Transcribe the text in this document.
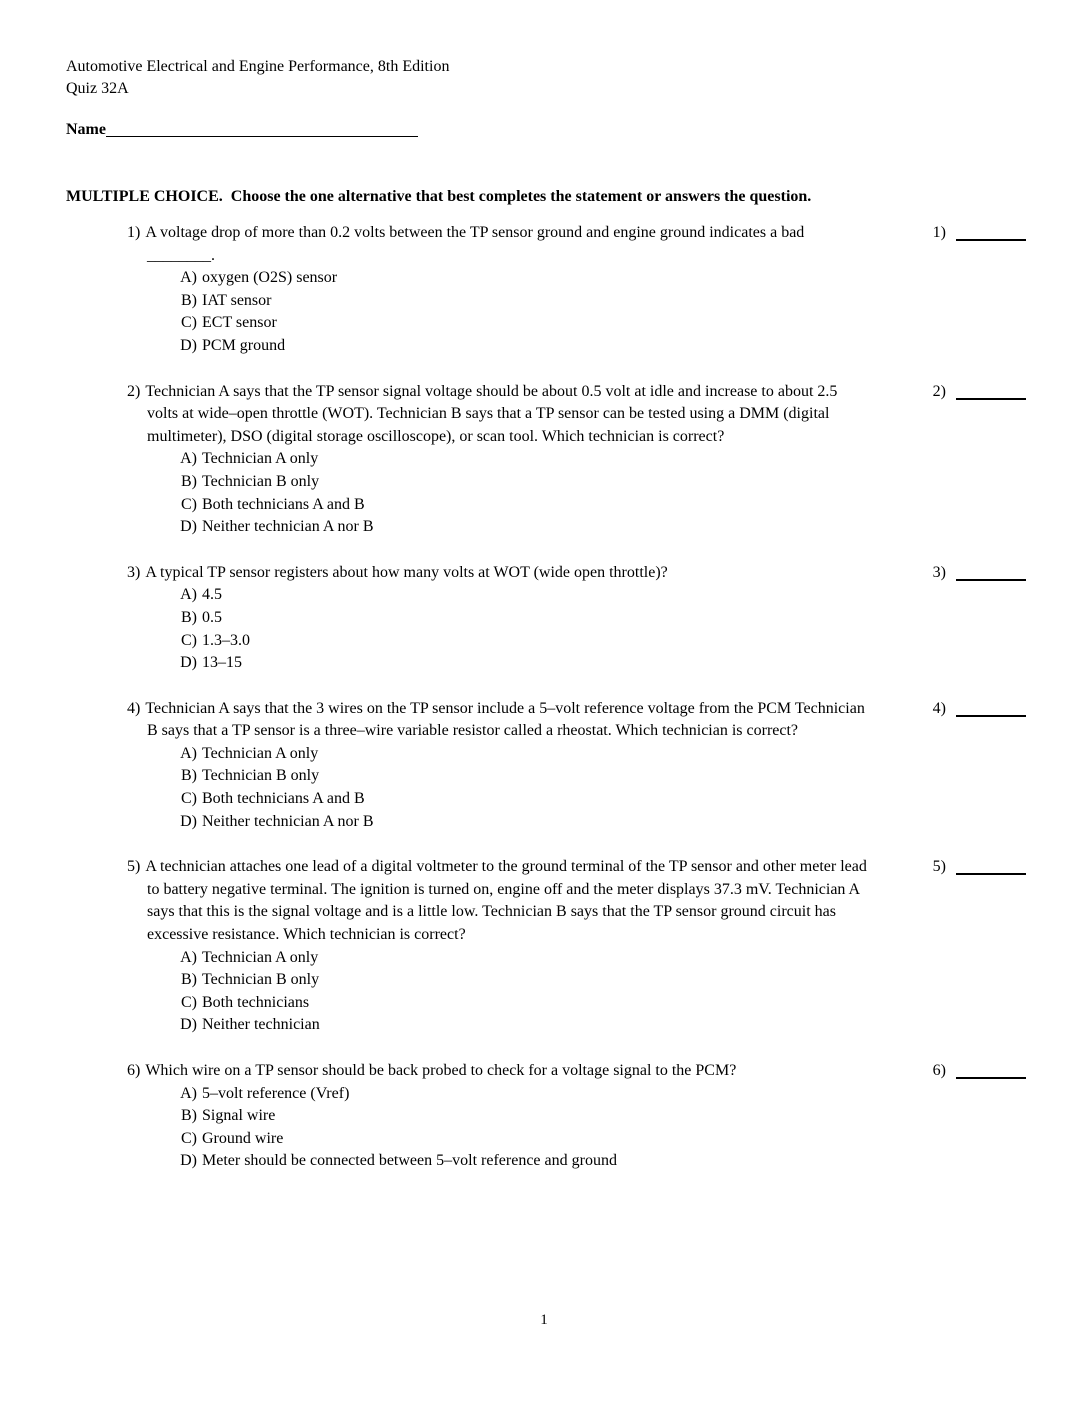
Automotive Electrical and Engine Performance, 8th Edition
Quiz 32A
Name
MULTIPLE CHOICE.  Choose the one alternative that best completes the statement or answers the question.
1) A voltage drop of more than 0.2 volts between the TP sensor ground and engine ground indicates a bad ________.
A) oxygen (O2S) sensor
B) IAT sensor
C) ECT sensor
D) PCM ground
1)
2) Technician A says that the TP sensor signal voltage should be about 0.5 volt at idle and increase to about 2.5 volts at wide–open throttle (WOT). Technician B says that a TP sensor can be tested using a DMM (digital multimeter), DSO (digital storage oscilloscope), or scan tool. Which technician is correct?
A) Technician A only
B) Technician B only
C) Both technicians A and B
D) Neither technician A nor B
2)
3) A typical TP sensor registers about how many volts at WOT (wide open throttle)?
A) 4.5
B) 0.5
C) 1.3–3.0
D) 13–15
3)
4) Technician A says that the 3 wires on the TP sensor include a 5–volt reference voltage from the PCM Technician B says that a TP sensor is a three–wire variable resistor called a rheostat. Which technician is correct?
A) Technician A only
B) Technician B only
C) Both technicians A and B
D) Neither technician A nor B
4)
5) A technician attaches one lead of a digital voltmeter to the ground terminal of the TP sensor and other meter lead to battery negative terminal. The ignition is turned on, engine off and the meter displays 37.3 mV. Technician A says that this is the signal voltage and is a little low. Technician B says that the TP sensor ground circuit has excessive resistance. Which technician is correct?
A) Technician A only
B) Technician B only
C) Both technicians
D) Neither technician
5)
6) Which wire on a TP sensor should be back probed to check for a voltage signal to the PCM?
A) 5–volt reference (Vref)
B) Signal wire
C) Ground wire
D) Meter should be connected between 5–volt reference and ground
6)
1
